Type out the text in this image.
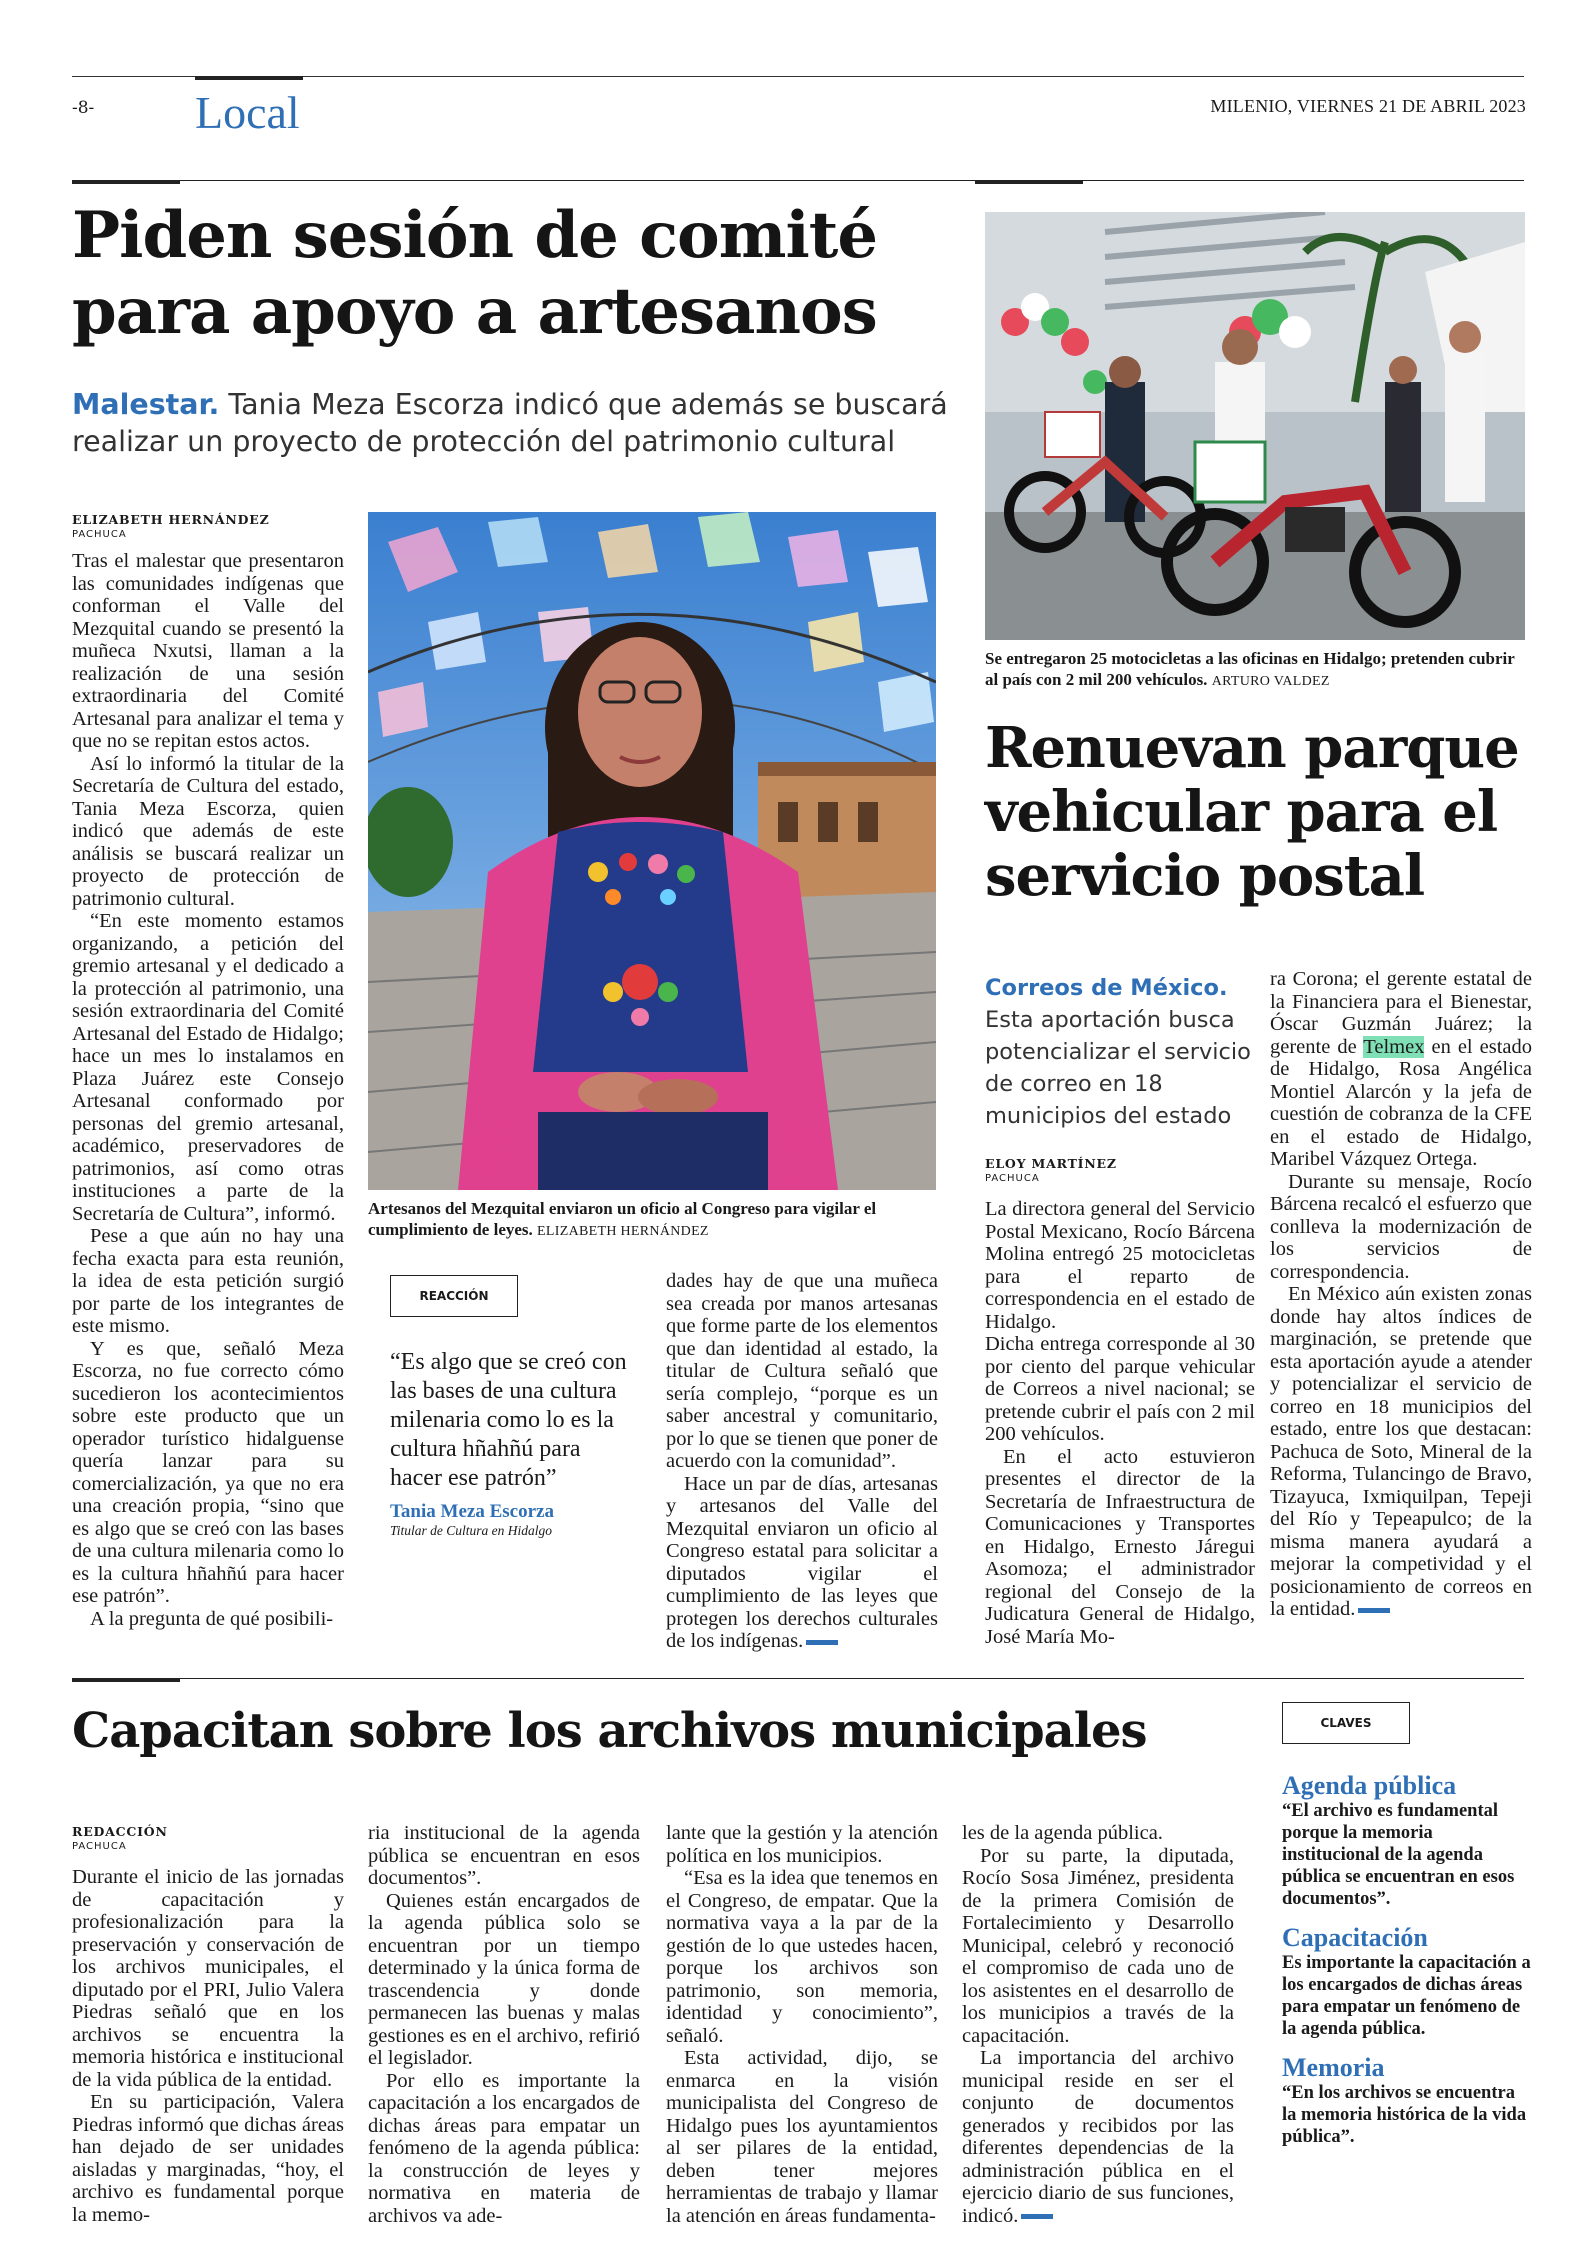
-8- Local	MILENIO, VIERNES 21 DE ABRIL 2023
Piden sesión de comité para apoyo a artesanos
Malestar. Tania Meza Escorza indicó que además se buscará realizar un proyecto de protección del patrimonio cultural
ELIZABETH HERNÁNDEZ
PACHUCA

Tras el malestar que presentaron las comunidades indígenas que conforman el Valle del Mezquital cuando se presentó la muñeca Nxutsi, llaman a la realización de una sesión extraordinaria del Comité Artesanal para analizar el tema y que no se repitan estos actos.

Así lo informó la titular de la Secretaría de Cultura del estado, Tania Meza Escorza, quien indicó que además de este análisis se buscará realizar un proyecto de protección de patrimonio cultural.

“En este momento estamos organizando, a petición del gremio artesanal y el dedicado a la protección al patrimonio, una sesión extraordinaria del Comité Artesanal del Estado de Hidalgo; hace un mes lo instalamos en Plaza Juárez este Consejo Artesanal conformado por personas del gremio artesanal, académico, preservadores de patrimonios, así como otras instituciones a parte de la Secretaría de Cultura”, informó.

Pese a que aún no hay una fecha exacta para esta reunión, la idea de esta petición surgió por parte de los integrantes de este mismo.

Y es que, señaló Meza Escorza, no fue correcto cómo sucedieron los acontecimientos sobre este producto que un operador turístico hidalguense quería lanzar para su comercialización, ya que no era una creación propia, “sino que es algo que se creó con las bases de una cultura milenaria como lo es la cultura hñahñú para hacer ese patrón”.

A la pregunta de qué posibili-

Artesanos del Mezquital enviaron un oficio al Congreso para vigilar el cumplimiento de leyes. ELIZABETH HERNÁNDEZ
REACCIÓN
“Es algo que se creó con las bases de una cultura milenaria como lo es la cultura hñahñú para hacer ese patrón”
Tania Meza Escorza
Titular de Cultura en Hidalgo

dades hay de que una muñeca sea creada por manos artesanas que forme parte de los elementos que dan identidad al estado, la titular de Cultura señaló que sería complejo, “porque es un saber ancestral y comunitario, por lo que se tienen que poner de acuerdo con la comunidad”.

Hace un par de días, artesanas y artesanos del Valle del Mezquital enviaron un oficio al Congreso estatal para solicitar a diputados vigilar el cumplimiento de las leyes que protegen los derechos culturales de los indígenas.

Se entregaron 25 motocicletas a las oficinas en Hidalgo; pretenden cubrir al país con 2 mil 200 vehículos. ARTURO VALDEZ
Renuevan parque vehicular para el servicio postal
Correos de México.
Esta aportación busca potencializar el servicio de correo en 18 municipios del estado
ELOY MARTÍNEZ
PACHUCA

La directora general del Servicio Postal Mexicano, Rocío Bárcena Molina entregó 25 motocicletas para el reparto de correspondencia en el estado de Hidalgo.

Dicha entrega corresponde al 30 por ciento del parque vehicular de Correos a nivel nacional; se pretende cubrir el país con 2 mil 200 vehículos.

En el acto estuvieron presentes el director de la Secretaría de Infraestructura de Comunicaciones y Transportes en Hidalgo, Ernesto Járegui Asomoza; el administrador regional del Consejo de la Judicatura General de Hidalgo, José María Mo-

ra Corona; el gerente estatal de la Financiera para el Bienestar, Óscar Guzmán Juárez; la gerente de Telmex en el estado de Hidalgo, Rosa Angélica Montiel Alarcón y la jefa de cuestión de cobranza de la CFE en el estado de Hidalgo, Maribel Vázquez Ortega.

Durante su mensaje, Rocío Bárcena recalcó el esfuerzo que conlleva la modernización de los servicios de correspondencia.

En México aún existen zonas donde hay altos índices de marginación, se pretende que esta aportación ayude a atender y potencializar el servicio de correo en 18 municipios del estado, entre los que destacan: Pachuca de Soto, Mineral de la Reforma, Tulancingo de Bravo, Tizayuca, Ixmiquilpan, Tepeji del Río y Tepeapulco; de la misma manera ayudará a mejorar la competividad y el posicionamiento de correos en la entidad.

Capacitan sobre los archivos municipales
REDACCIÓN
PACHUCA

Durante el inicio de las jornadas de capacitación y profesionalización para la preservación y conservación de los archivos municipales, el diputado por el PRI, Julio Valera Piedras señaló que en los archivos se encuentra la memoria histórica e institucional de la vida pública de la entidad.

En su participación, Valera Piedras informó que dichas áreas han dejado de ser unidades aisladas y marginadas, “hoy, el archivo es fundamental porque la memo-

ria institucional de la agenda pública se encuentran en esos documentos”.

Quienes están encargados de la agenda pública solo se encuentran por un tiempo determinado y la única forma de trascendencia y donde permanecen las buenas y malas gestiones es en el archivo, refirió el legislador.

Por ello es importante la capacitación a los encargados de dichas áreas para empatar un fenómeno de la agenda pública: la construcción de leyes y normativa en materia de archivos va ade-

lante que la gestión y la atención política en los municipios.

“Esa es la idea que tenemos en el Congreso, de empatar. Que la normativa vaya a la par de la gestión de lo que ustedes hacen, porque los archivos son patrimonio, son memoria, identidad y conocimiento”, señaló.

Esta actividad, dijo, se enmarca en la visión municipalista del Congreso de Hidalgo pues los ayuntamientos al ser pilares de la entidad, deben tener mejores herramientas de trabajo y llamar la atención en áreas fundamenta-

les de la agenda pública.

Por su parte, la diputada, Rocío Sosa Jiménez, presidenta de la primera Comisión de Fortalecimiento y Desarrollo Municipal, celebró y reconoció el compromiso de cada uno de los asistentes en el desarrollo de los municipios a través de la capacitación.

La importancia del archivo municipal reside en ser el conjunto de documentos generados y recibidos por las diferentes dependencias de la administración pública en el ejercicio diario de sus funciones, indicó.

CLAVES
Agenda pública
“El archivo es fundamental porque la memoria institucional de la agenda pública se encuentran en esos documentos”.
Capacitación
Es importante la capacitación a los encargados de dichas áreas para empatar un fenómeno de la agenda pública.
Memoria
“En los archivos se encuentra la memoria histórica de la vida pública”.
